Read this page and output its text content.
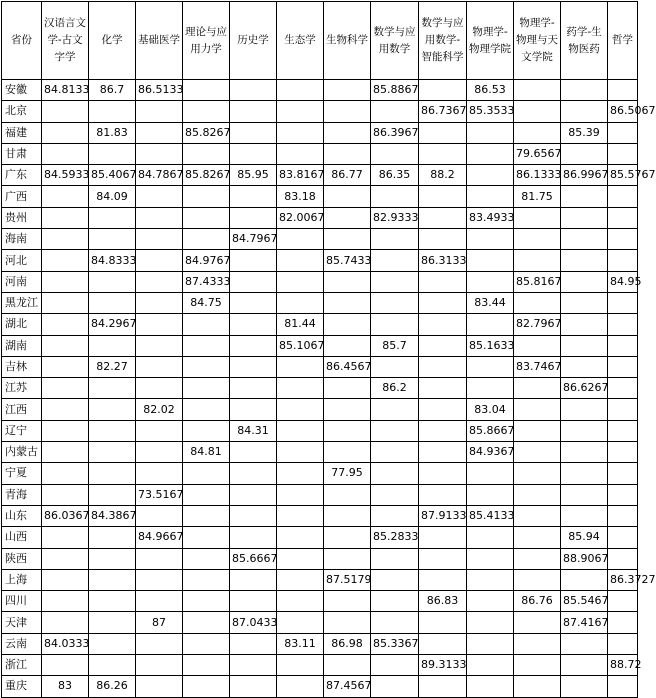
省份	汉语言文学-古文字学	化学	基础医学	理论与应用力学	历史学	生态学	生物科学	数学与应用数学	数学与应用数学-智能科学	物理学-物理学院	物理学-物理与天文学院	药学-生物医药	哲学
安徽	84.8133	86.7	86.5133					85.8867		86.53			
北京									86.7367	85.3533			86.5067
福建		81.83		85.8267				86.3967				85.39	
甘肃											79.6567		
广东	84.5933	85.4067	84.7867	85.8267	85.95	83.8167	86.77	86.35	88.2		86.1333	86.9967	85.5767
广西		84.09				83.18					81.75		
贵州						82.0067		82.9333		83.4933			
海南					84.7967								
河北		84.8333		84.9767			85.7433		86.3133				
河南				87.4333							85.8167		84.95
黑龙江				84.75						83.44			
湖北		84.2967				81.44					82.7967		
湖南						85.1067		85.7		85.1633			
吉林		82.27					86.4567				83.7467		
江苏								86.2				86.6267	
江西			82.02							83.04			
辽宁					84.31					85.8667			
内蒙古				84.81						84.9367			
宁夏							77.95						
青海			73.5167										
山东	86.0367	84.3867							87.9133	85.4133			
山西			84.9667					85.2833				85.94	
陕西					85.6667							88.9067	
上海							87.5179						86.3727
四川									86.83		86.76	85.5467	
天津			87		87.0433							87.4167	
云南	84.0333					83.11	86.98	85.3367					
浙江									89.3133				88.72
重庆	83	86.26					87.4567						
